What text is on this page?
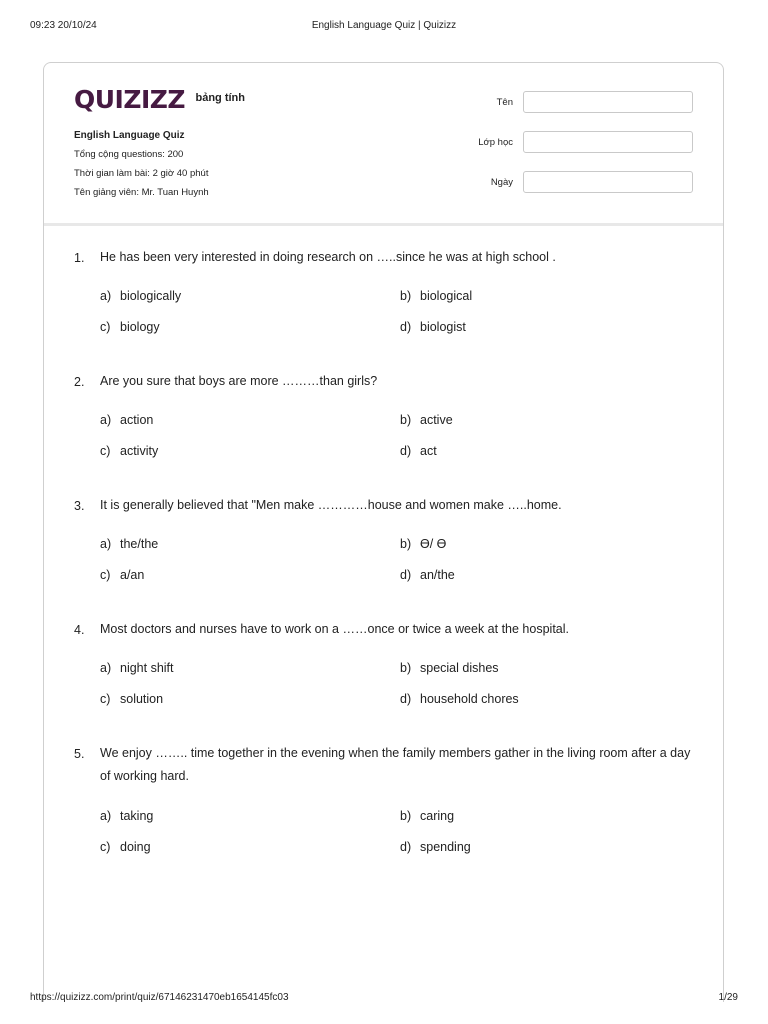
09:23 20/10/24	English Language Quiz | Quizizz
QUIZIZZ bảng tính
English Language Quiz
Tổng cộng questions: 200
Thời gian làm bài: 2 giờ 40 phút
Tên giảng viên: Mr. Tuan Huynh
Tên
Lớp học
Ngày
1. He has been very interested in doing research on …..since he was at high school .
a) biologically	b) biological
c) biology	d) biologist
2. Are you sure that boys are more ………than girls?
a) action	b) active
c) activity	d) act
3. It is generally believed that "Men make …………house and women make …..home.
a) the/the	b) Ө/ Ө
c) a/an	d) an/the
4. Most doctors and nurses have to work on a ……once or twice a week at the hospital.
a) night shift	b) special dishes
c) solution	d) household chores
5. We enjoy …….. time together in the evening when the family members gather in the living room after a day of working hard.
a) taking	b) caring
c) doing	d) spending
https://quizizz.com/print/quiz/67146231470eb1654145fc03	1/29
